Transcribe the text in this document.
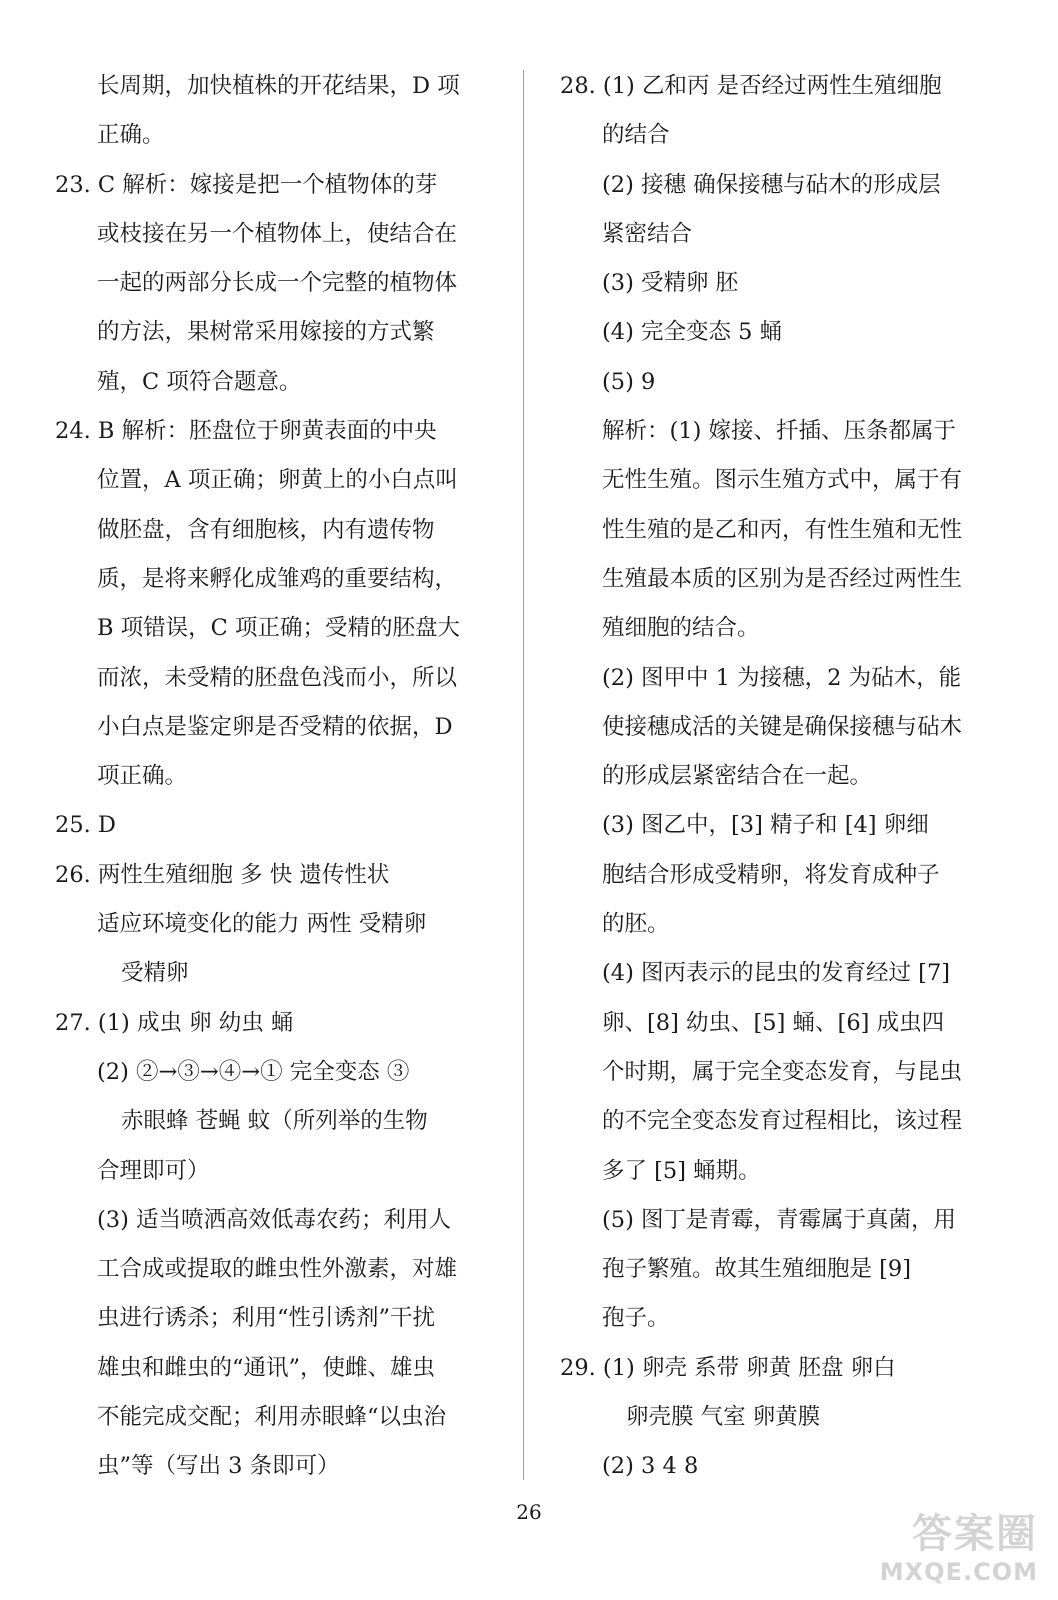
长周期，加快植株的开花结果，D 项
正确。
23. C 解析：嫁接是把一个植物体的芽
或枝接在另一个植物体上，使结合在
一起的两部分长成一个完整的植物体
的方法，果树常采用嫁接的方式繁
殖，C 项符合题意。
24. B 解析：胚盘位于卵黄表面的中央
位置，A 项正确；卵黄上的小白点叫
做胚盘，含有细胞核，内有遗传物
质，是将来孵化成雏鸡的重要结构，
B 项错误，C 项正确；受精的胚盘大
而浓，未受精的胚盘色浅而小，所以
小白点是鉴定卵是否受精的依据，D
项正确。
25. D
26. 两性生殖细胞 多 快 遗传性状
适应环境变化的能力 两性 受精卵
受精卵
27. (1) 成虫 卵 幼虫 蛹
(2) ②→③→④→① 完全变态 ③
赤眼蜂 苍蝇 蚊（所列举的生物
合理即可）
(3) 适当喷洒高效低毒农药；利用人
工合成或提取的雌虫性外激素，对雄
虫进行诱杀；利用“性引诱剂”干扰
雄虫和雌虫的“通讯”，使雌、雄虫
不能完成交配；利用赤眼蜂“以虫治
虫”等（写出 3 条即可）
28. (1) 乙和丙 是否经过两性生殖细胞
的结合
(2) 接穗 确保接穗与砧木的形成层
紧密结合
(3) 受精卵 胚
(4) 完全变态 5 蛹
(5) 9
解析：(1) 嫁接、扦插、压条都属于
无性生殖。图示生殖方式中，属于有
性生殖的是乙和丙，有性生殖和无性
生殖最本质的区别为是否经过两性生
殖细胞的结合。
(2) 图甲中 1 为接穗，2 为砧木，能
使接穗成活的关键是确保接穗与砧木
的形成层紧密结合在一起。
(3) 图乙中，[3] 精子和 [4] 卵细
胞结合形成受精卵，将发育成种子
的胚。
(4) 图丙表示的昆虫的发育经过 [7]
卵、[8] 幼虫、[5] 蛹、[6] 成虫四
个时期，属于完全变态发育，与昆虫
的不完全变态发育过程相比，该过程
多了 [5] 蛹期。
(5) 图丁是青霉，青霉属于真菌，用
孢子繁殖。故其生殖细胞是 [9]
孢子。
29. (1) 卵壳 系带 卵黄 胚盘 卵白
卵壳膜 气室 卵黄膜
(2) 3 4 8
26	答案圈
MXQE.COM
